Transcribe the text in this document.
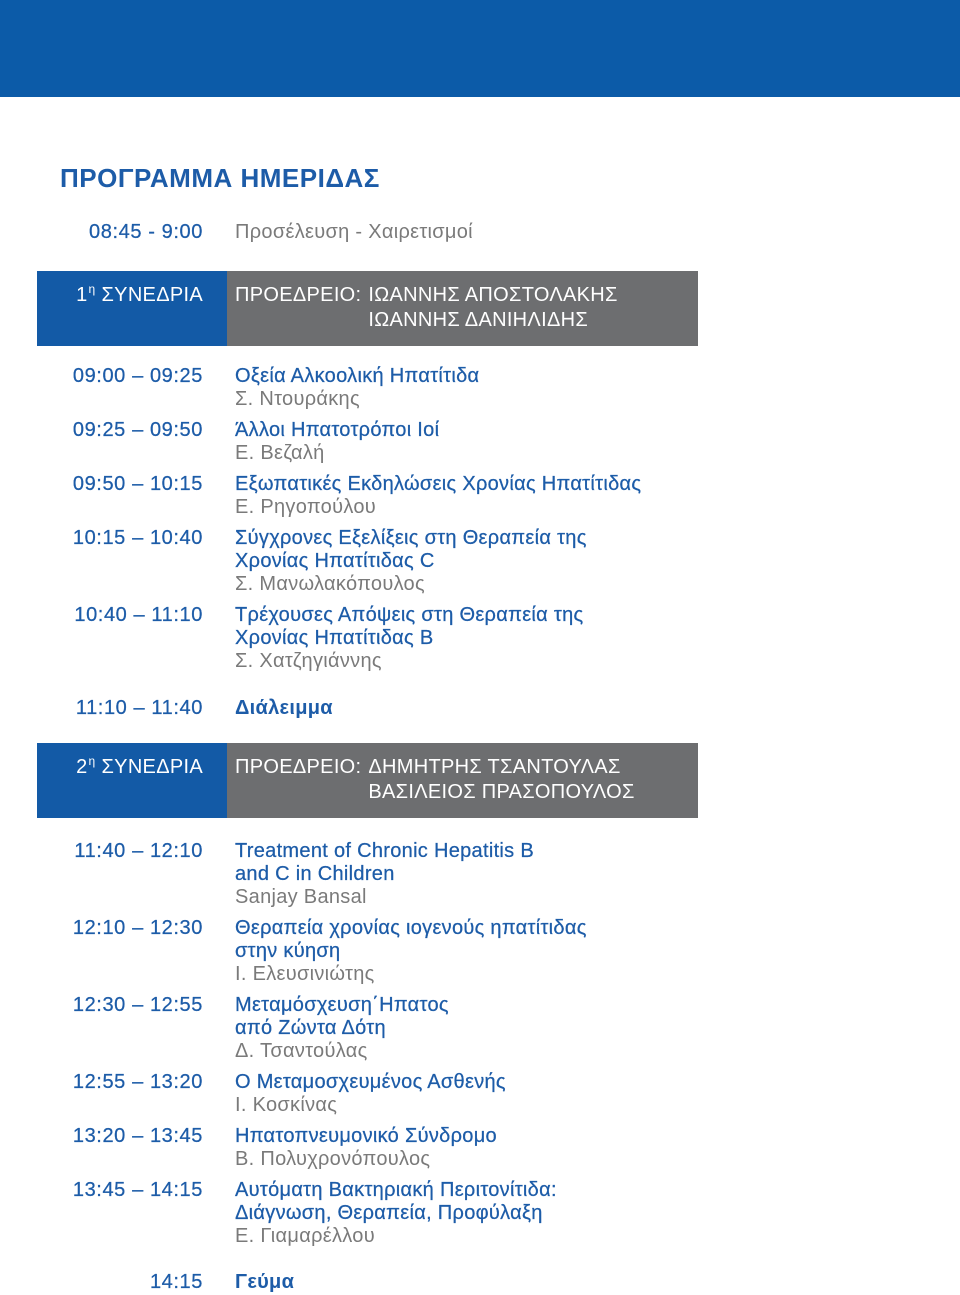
ΠΡΟΓΡΑΜΜΑ ΗΜΕΡΙΔΑΣ
08:45 - 9:00 Προσέλευση - Χαιρετισμοί
$1^\eta$ ΣΥΝΕΔΡΙΑ	ΠΡΟΕΔΡΕΙΟ: ΙΩΑΝΝΗΣ ΑΠΟΣΤΟΛΑΚΗΣ
ΙΩΑΝΝΗΣ ΔΑΝΙΗΛΙΔΗΣ
09:00 – 09:25 Οξεία Αλκοολική Ηπατίτιδα
Σ. Ντουράκης
09:25 – 09:50 Άλλοι Ηπατοτρόποι Ιοί
Ε. Βεζαλή
09:50 – 10:15 Εξωπατικές Εκδηλώσεις Χρονίας Ηπατίτιδας
Ε. Ρηγοπούλου
10:15 – 10:40 Σύγχρονες Εξελίξεις στη Θεραπεία της
Χρονίας Ηπατίτιδας C
Σ. Μανωλακόπουλος
10:40 – 11:10 Τρέχουσες Απόψεις στη Θεραπεία της
Χρονίας Ηπατίτιδας B
Σ. Χατζηγιάννης
11:10 – 11:40 Διάλειμμα
$2^\eta$ ΣΥΝΕΔΡΙΑ	ΠΡΟΕΔΡΕΙΟ: ΔΗΜΗΤΡΗΣ ΤΣΑΝΤΟΥΛΑΣ
ΒΑΣΙΛΕΙΟΣ ΠΡΑΣΟΠΟΥΛΟΣ
11:40 – 12:10 Treatment of Chronic Hepatitis B
and C in Children
Sanjay Bansal
12:10 – 12:30 Θεραπεία χρονίας ιογενούς ηπατίτιδας
στην κύηση
Ι. Ελευσινιώτης
12:30 – 12:55 Μεταμόσχευση΄Ηπατος
από Ζώντα Δότη
Δ. Τσαντούλας
12:55 – 13:20 Ο Μεταμοσχευμένος Ασθενής
Ι. Κοσκίνας
13:20 – 13:45 Ηπατοπνευμονικό Σύνδρομο
Β. Πολυχρονόπουλος
13:45 – 14:15 Αυτόματη Βακτηριακή Περιτονίτιδα:
Διάγνωση, Θεραπεία, Προφύλαξη
Ε. Γιαμαρέλλου
14:15 Γεύμα
